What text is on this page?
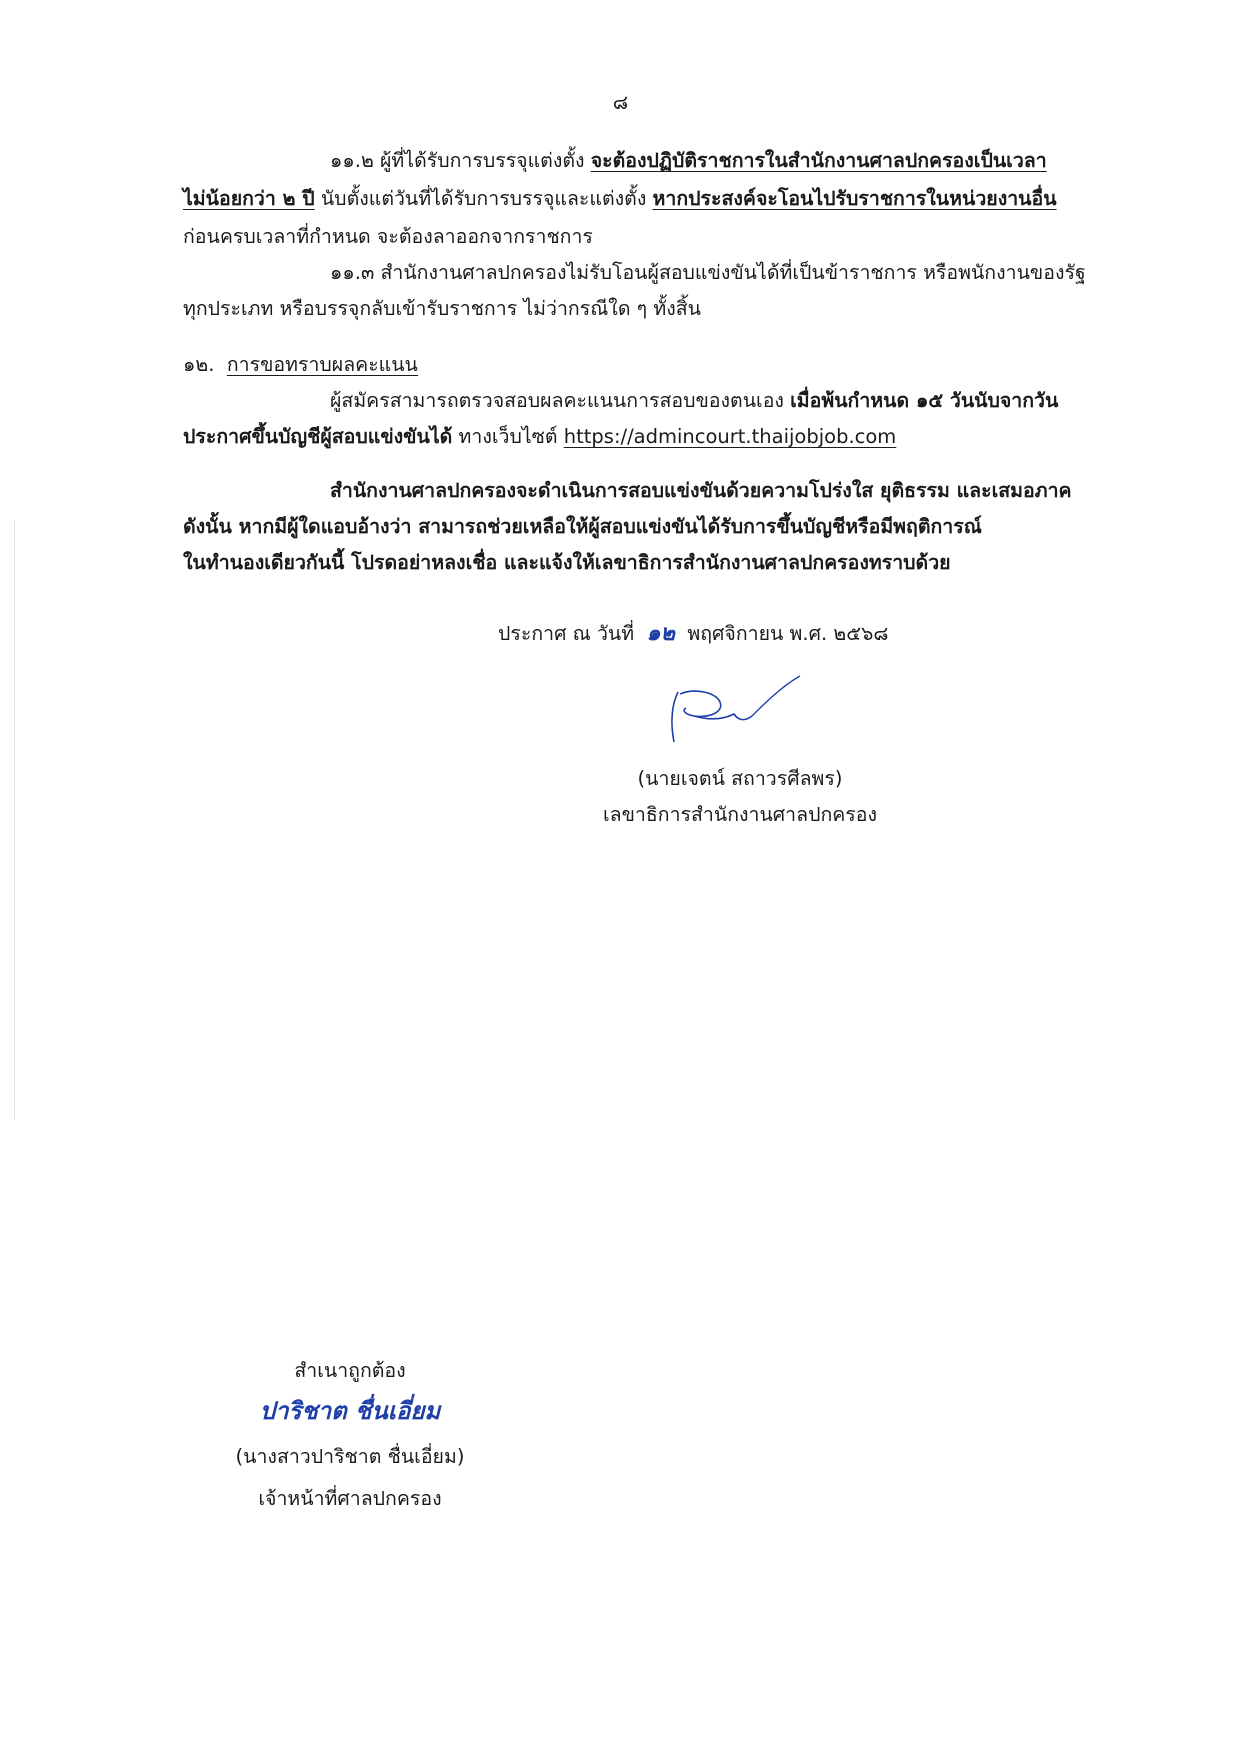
๘
๑๑.๒ ผู้ที่ได้รับการบรรจุแต่งตั้ง จะต้องปฏิบัติราชการในสำนักงานศาลปกครองเป็นเวลา
ไม่น้อยกว่า ๒ ปี นับตั้งแต่วันที่ได้รับการบรรจุและแต่งตั้ง หากประสงค์จะโอนไปรับราชการในหน่วยงานอื่น
ก่อนครบเวลาที่กำหนด จะต้องลาออกจากราชการ
๑๑.๓ สำนักงานศาลปกครองไม่รับโอนผู้สอบแข่งขันได้ที่เป็นข้าราชการ หรือพนักงานของรัฐ
ทุกประเภท หรือบรรจุกลับเข้ารับราชการ ไม่ว่ากรณีใด ๆ ทั้งสิ้น
๑๒. การขอทราบผลคะแนน
ผู้สมัครสามารถตรวจสอบผลคะแนนการสอบของตนเอง เมื่อพ้นกำหนด ๑๕ วันนับจากวัน
ประกาศขึ้นบัญชีผู้สอบแข่งขันได้ ทางเว็บไซต์ https://admincourt.thaijobjob.com
สำนักงานศาลปกครองจะดำเนินการสอบแข่งขันด้วยความโปร่งใส ยุติธรรม และเสมอภาค
ดังนั้น หากมีผู้ใดแอบอ้างว่า สามารถช่วยเหลือให้ผู้สอบแข่งขันได้รับการขึ้นบัญชีหรือมีพฤติการณ์
ในทำนองเดียวกันนี้ โปรดอย่าหลงเชื่อ และแจ้งให้เลขาธิการสำนักงานศาลปกครองทราบด้วย
ประกาศ ณ วันที่ ๑๒ พฤศจิกายน พ.ศ. ๒๕๖๘
(นายเจตน์ สถาวรศีลพร)
เลขาธิการสำนักงานศาลปกครอง
สำเนาถูกต้อง
ปาริชาต ชื่นเอี่ยม
(นางสาวปาริชาต ชื่นเอี่ยม)
เจ้าหน้าที่ศาลปกครอง
